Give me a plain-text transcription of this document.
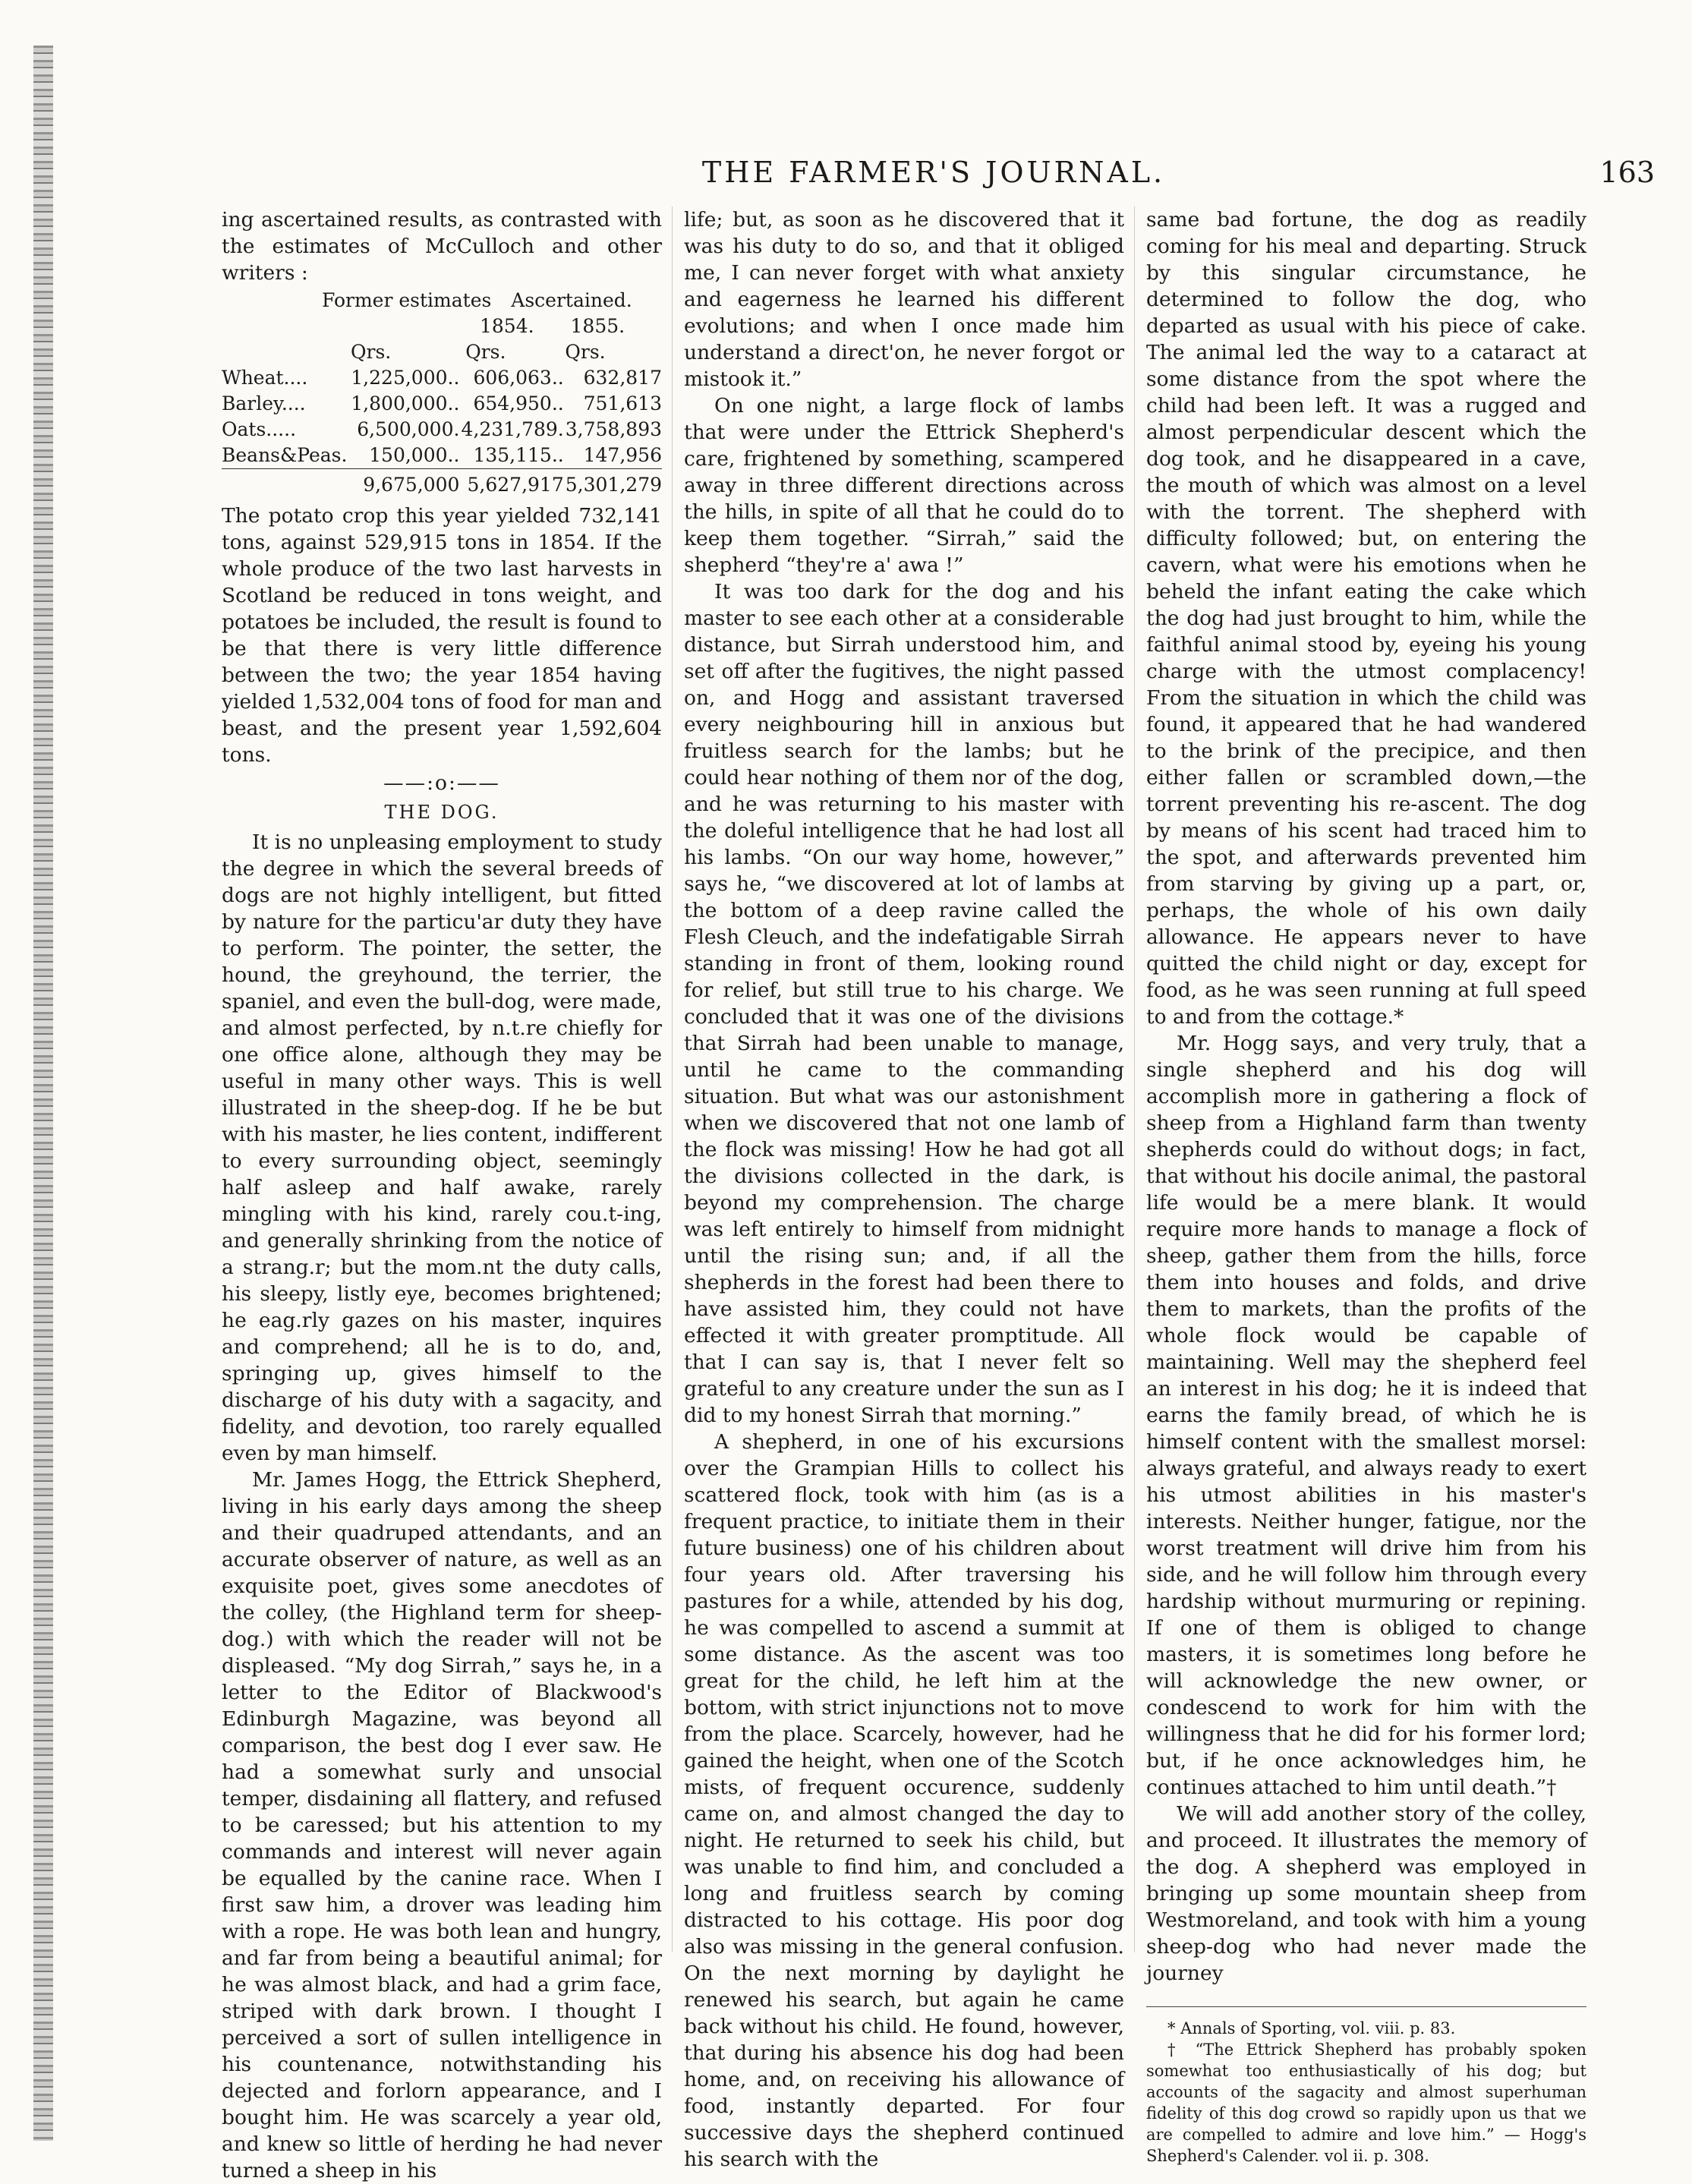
THE FARMER'S JOURNAL.	163

ing ascertained results, as contrasted with the estimates of McCulloch and other writers :

Former estimates Ascertained.
1854. 1855.
Qrs.	Qrs.	Qrs.
Wheat....	1,225,000..	606,063..	632,817
Barley....	1,800,000..	654,950..	751,613
Oats.....	6,500,000.	4,231,789.	3,758,893
Beans&Peas.	150,000..	135,115..	147,956
	9,675,000	5,627,917	5,301,279

The potato crop this year yielded 732,141 tons, against 529,915 tons in 1854. If the whole produce of the two last harvests in Scotland be reduced in tons weight, and potatoes be included, the result is found to be that there is very little difference between the two; the year 1854 having yielded 1,532,004 tons of food for man and beast, and the present year 1,592,604 tons.

——:o:——
THE DOG.

It is no unpleasing employment to study the degree in which the several breeds of dogs are not highly intelligent, but fitted by nature for the particu'ar duty they have to perform. The pointer, the setter, the hound, the greyhound, the terrier, the spaniel, and even the bull-dog, were made, and almost perfected, by n.t.re chiefly for one office alone, although they may be useful in many other ways. This is well illustrated in the sheep-dog. If he be but with his master, he lies content, indifferent to every surrounding object, seemingly half asleep and half awake, rarely mingling with his kind, rarely cou.t-ing, and generally shrinking from the notice of a strang.r; but the mom.nt the duty calls, his sleepy, listly eye, becomes brightened; he eag.rly gazes on his master, inquires and comprehend; all he is to do, and, springing up, gives himself to the discharge of his duty with a sagacity, and fidelity, and devotion, too rarely equalled even by man himself.

Mr. James Hogg, the Ettrick Shepherd, living in his early days among the sheep and their quadruped attendants, and an accurate observer of nature, as well as an exquisite poet, gives some anecdotes of the colley, (the Highland term for sheep-dog.) with which the reader will not be displeased. “My dog Sirrah,” says he, in a letter to the Editor of Blackwood's Edinburgh Magazine, was beyond all comparison, the best dog I ever saw. He had a somewhat surly and unsocial temper, disdaining all flattery, and refused to be caressed; but his attention to my commands and interest will never again be equalled by the canine race. When I first saw him, a drover was leading him with a rope. He was both lean and hungry, and far from being a beautiful animal; for he was almost black, and had a grim face, striped with dark brown. I thought I perceived a sort of sullen intelligence in his countenance, notwithstanding his dejected and forlorn appearance, and I bought him. He was scarcely a year old, and knew so little of herding he had never turned a sheep in his

life; but, as soon as he discovered that it was his duty to do so, and that it obliged me, I can never forget with what anxiety and eagerness he learned his different evolutions; and when I once made him understand a direct'on, he never forgot or mistook it.”

On one night, a large flock of lambs that were under the Ettrick Shepherd's care, frightened by something, scampered away in three different directions across the hills, in spite of all that he could do to keep them together. “Sirrah,” said the shepherd “they're a' awa !”

It was too dark for the dog and his master to see each other at a considerable distance, but Sirrah understood him, and set off after the fugitives, the night passed on, and Hogg and assistant traversed every neighbouring hill in anxious but fruitless search for the lambs; but he could hear nothing of them nor of the dog, and he was returning to his master with the doleful intelligence that he had lost all his lambs. “On our way home, however,” says he, “we discovered at lot of lambs at the bottom of a deep ravine called the Flesh Cleuch, and the indefatigable Sirrah standing in front of them, looking round for relief, but still true to his charge. We concluded that it was one of the divisions that Sirrah had been unable to manage, until he came to the commanding situation. But what was our astonishment when we discovered that not one lamb of the flock was missing! How he had got all the divisions collected in the dark, is beyond my comprehension. The charge was left entirely to himself from midnight until the rising sun; and, if all the shepherds in the forest had been there to have assisted him, they could not have effected it with greater promptitude. All that I can say is, that I never felt so grateful to any creature under the sun as I did to my honest Sirrah that morning.”

A shepherd, in one of his excursions over the Grampian Hills to collect his scattered flock, took with him (as is a frequent practice, to initiate them in their future business) one of his children about four years old. After traversing his pastures for a while, attended by his dog, he was compelled to ascend a summit at some distance. As the ascent was too great for the child, he left him at the bottom, with strict injunctions not to move from the place. Scarcely, however, had he gained the height, when one of the Scotch mists, of frequent occurence, suddenly came on, and almost changed the day to night. He returned to seek his child, but was unable to find him, and concluded a long and fruitless search by coming distracted to his cottage. His poor dog also was missing in the general confusion. On the next morning by daylight he renewed his search, but again he came back without his child. He found, however, that during his absence his dog had been home, and, on receiving his allowance of food, instantly departed. For four successive days the shepherd continued his search with the

same bad fortune, the dog as readily coming for his meal and departing. Struck by this singular circumstance, he determined to follow the dog, who departed as usual with his piece of cake. The animal led the way to a cataract at some distance from the spot where the child had been left. It was a rugged and almost perpendicular descent which the dog took, and he disappeared in a cave, the mouth of which was almost on a level with the torrent. The shepherd with difficulty followed; but, on entering the cavern, what were his emotions when he beheld the infant eating the cake which the dog had just brought to him, while the faithful animal stood by, eyeing his young charge with the utmost complacency! From the situation in which the child was found, it appeared that he had wandered to the brink of the precipice, and then either fallen or scrambled down,—the torrent preventing his re-ascent. The dog by means of his scent had traced him to the spot, and afterwards prevented him from starving by giving up a part, or, perhaps, the whole of his own daily allowance. He appears never to have quitted the child night or day, except for food, as he was seen running at full speed to and from the cottage.*

Mr. Hogg says, and very truly, that a single shepherd and his dog will accomplish more in gathering a flock of sheep from a Highland farm than twenty shepherds could do without dogs; in fact, that without his docile animal, the pastoral life would be a mere blank. It would require more hands to manage a flock of sheep, gather them from the hills, force them into houses and folds, and drive them to markets, than the profits of the whole flock would be capable of maintaining. Well may the shepherd feel an interest in his dog; he it is indeed that earns the family bread, of which he is himself content with the smallest morsel: always grateful, and always ready to exert his utmost abilities in his master's interests. Neither hunger, fatigue, nor the worst treatment will drive him from his side, and he will follow him through every hardship without murmuring or repining. If one of them is obliged to change masters, it is sometimes long before he will acknowledge the new owner, or condescend to work for him with the willingness that he did for his former lord; but, if he once acknowledges him, he continues attached to him until death.”†

We will add another story of the colley, and proceed. It illustrates the memory of the dog. A shepherd was employed in bringing up some mountain sheep from Westmoreland, and took with him a young sheep-dog who had never made the journey

* Annals of Sporting, vol. viii. p. 83.

† “The Ettrick Shepherd has probably spoken somewhat too enthusiastically of his dog; but accounts of the sagacity and almost superhuman fidelity of this dog crowd so rapidly upon us that we are compelled to admire and love him.” — Hogg's Shepherd's Calender. vol ii. p. 308.
